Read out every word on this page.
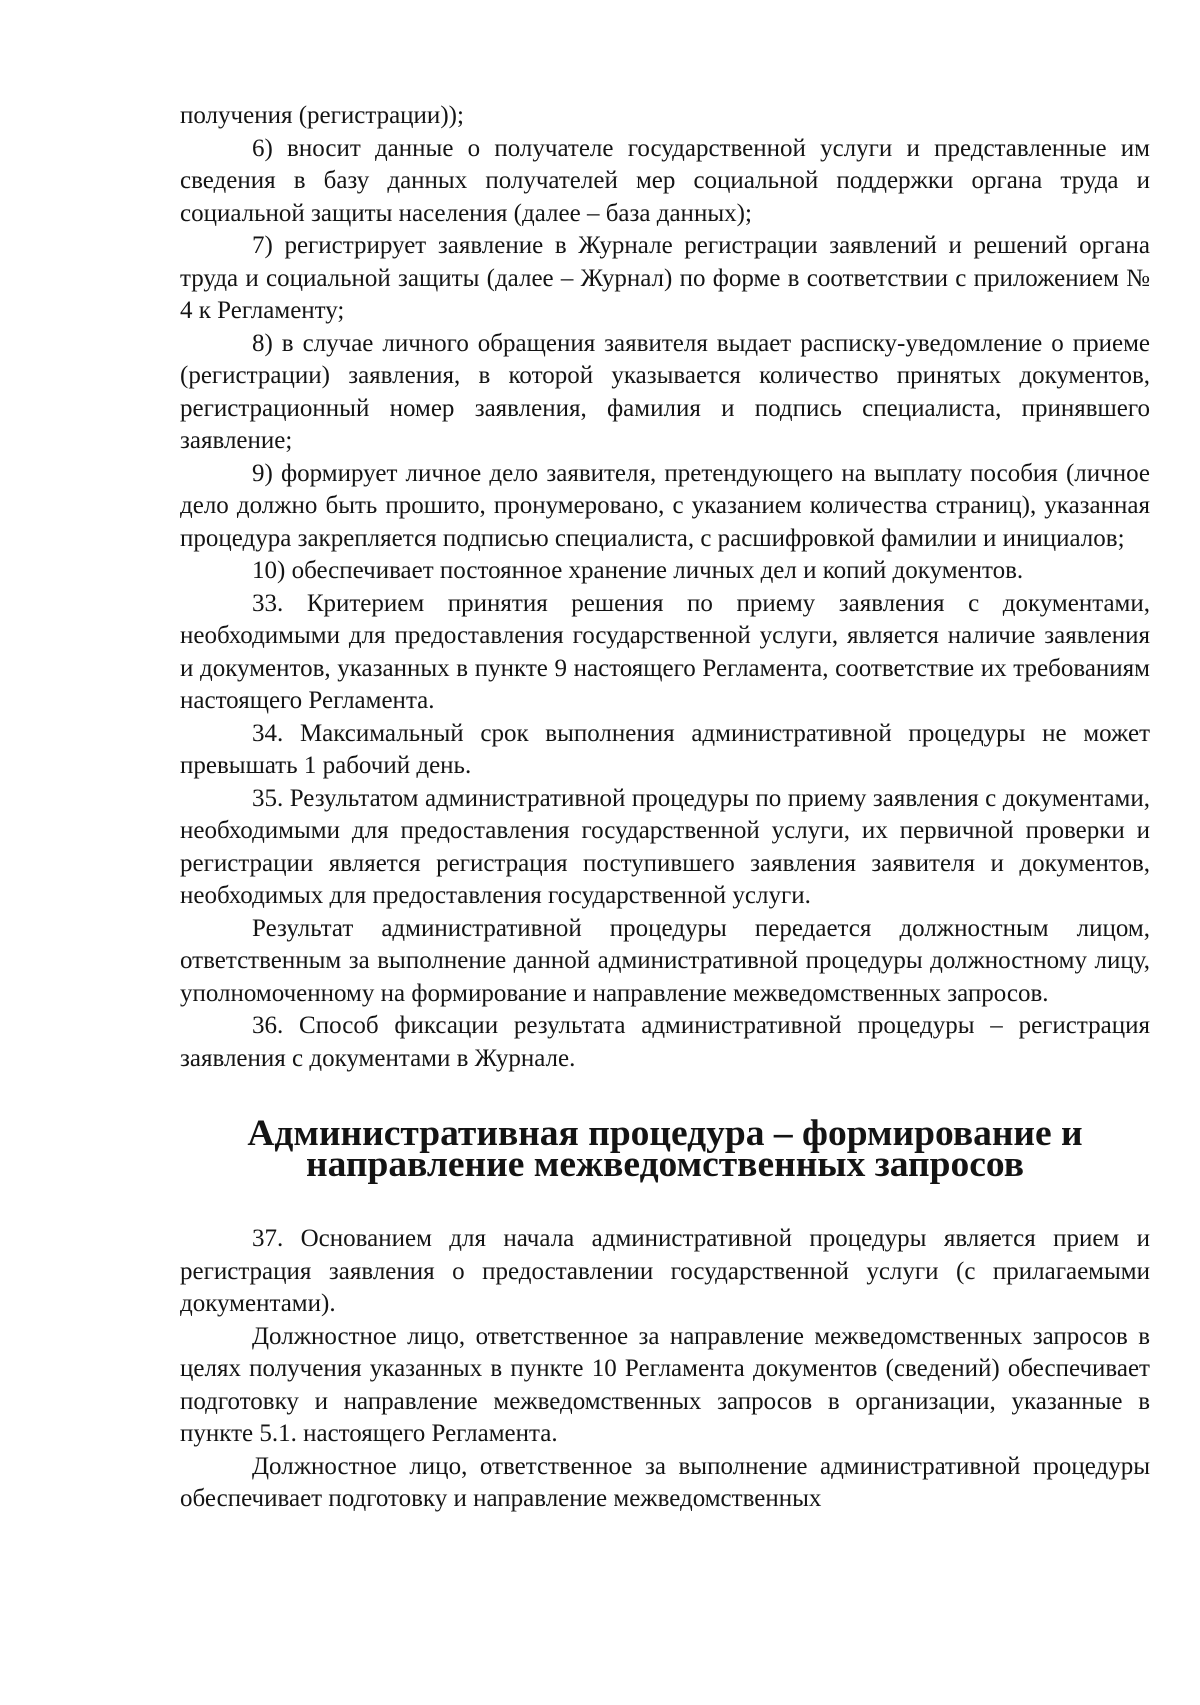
получения (регистрации));

6) вносит данные о получателе государственной услуги и представленные им сведения в базу данных получателей мер социальной поддержки органа труда и социальной защиты населения (далее – база данных);

7) регистрирует заявление в Журнале регистрации заявлений и решений органа труда и социальной защиты (далее – Журнал) по форме в соответствии с приложением № 4 к Регламенту;

8) в случае личного обращения заявителя выдает расписку-уведомление о приеме (регистрации) заявления, в которой указывается количество принятых документов, регистрационный номер заявления, фамилия и подпись специалиста, принявшего заявление;

9) формирует личное дело заявителя, претендующего на выплату пособия (личное дело должно быть прошито, пронумеровано, с указанием количества страниц), указанная процедура закрепляется подписью специалиста, с расшифровкой фамилии и инициалов;

10) обеспечивает постоянное хранение личных дел и копий документов.

33. Критерием принятия решения по приему заявления с документами, необходимыми для предоставления государственной услуги, является наличие заявления и документов, указанных в пункте 9 настоящего Регламента, соответствие их требованиям настоящего Регламента.

34. Максимальный срок выполнения административной процедуры не может превышать 1 рабочий день.

35. Результатом административной процедуры по приему заявления с документами, необходимыми для предоставления государственной услуги, их первичной проверки и регистрации является регистрация поступившего заявления заявителя и документов, необходимых для предоставления государственной услуги.

Результат административной процедуры передается должностным лицом, ответственным за выполнение данной административной процедуры должностному лицу, уполномоченному на формирование и направление межведомственных запросов.

36. Способ фиксации результата административной процедуры – регистрация заявления с документами в Журнале.

Административная процедура – формирование и направление межведомственных запросов

37. Основанием для начала административной процедуры является прием и регистрация заявления о предоставлении государственной услуги (с прилагаемыми документами).

Должностное лицо, ответственное за направление межведомственных запросов в целях получения указанных в пункте 10 Регламента документов (сведений) обеспечивает подготовку и направление межведомственных запросов в организации, указанные в пункте 5.1. настоящего Регламента.

Должностное лицо, ответственное за выполнение административной процедуры обеспечивает подготовку и направление межведомственных
